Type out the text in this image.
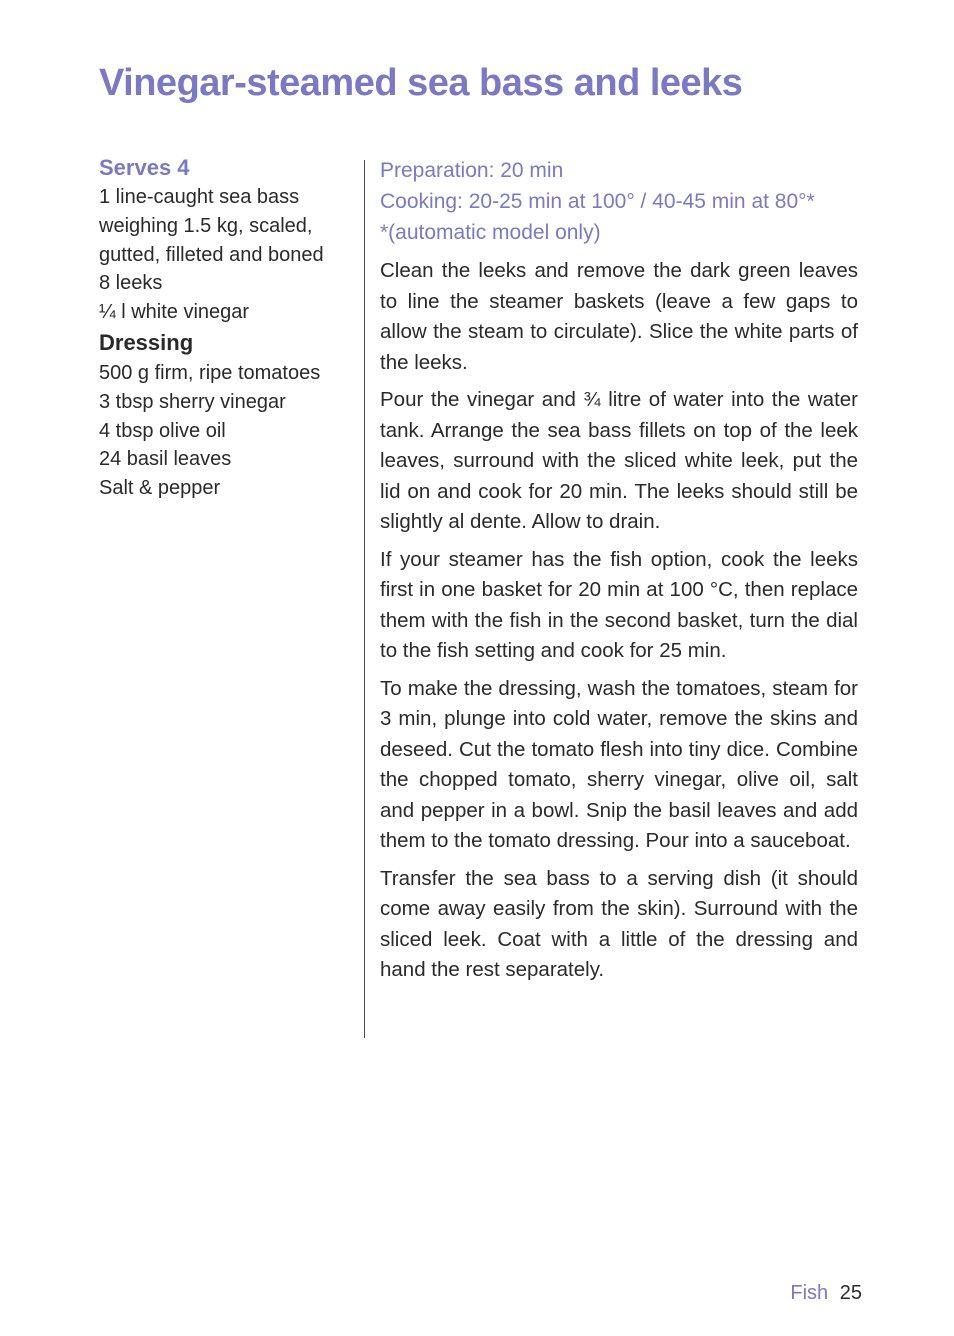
Vinegar-steamed sea bass and leeks
Serves 4
1 line-caught sea bass
weighing 1.5 kg, scaled,
gutted, filleted and boned
8 leeks
¼ l white vinegar
Dressing
500 g firm, ripe tomatoes
3 tbsp sherry vinegar
4 tbsp olive oil
24 basil leaves
Salt & pepper

Preparation: 20 min

Cooking: 20-25 min at 100° / 40-45 min at 80°*

*(automatic model only)

Clean the leeks and remove the dark green leaves to line the steamer baskets (leave a few gaps to allow the steam to circulate). Slice the white parts of the leeks.

Pour the vinegar and ¾ litre of water into the water tank. Arrange the sea bass fillets on top of the leek leaves, surround with the sliced white leek, put the lid on and cook for 20 min. The leeks should still be slightly al dente. Allow to drain.

If your steamer has the fish option, cook the leeks first in one basket for 20 min at 100 °C, then replace them with the fish in the second basket, turn the dial to the fish setting and cook for 25 min.

To make the dressing, wash the tomatoes, steam for 3 min, plunge into cold water, remove the skins and deseed. Cut the tomato flesh into tiny dice. Combine the chopped tomato, sherry vinegar, olive oil, salt and pepper in a bowl. Snip the basil leaves and add them to the tomato dressing. Pour into a sauceboat.

Transfer the sea bass to a serving dish (it should come away easily from the skin). Surround with the sliced leek. Coat with a little of the dressing and hand the rest separately.

Fish 25
